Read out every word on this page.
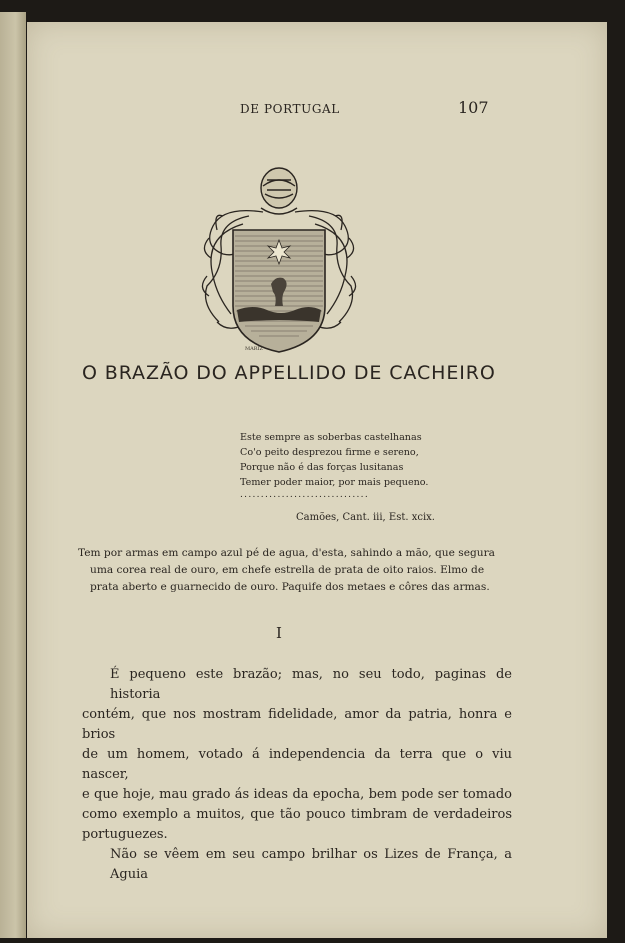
DE PORTUGAL	107
MARIZ
O BRAZÃO DO APPELLIDO DE CACHEIRO
Este sempre as soberbas castelhanas
Co'o peito desprezou firme e sereno,
Porque não é das forças lusitanas
Temer poder maior, por mais pequeno.
...............................
Camões, Cant. iii, Est. xcix.
Tem por armas em campo azul pé de agua, d'esta, sahindo a mão, que segura
uma corea real de ouro, em chefe estrella de prata de oito raios. Elmo de
prata aberto e guarnecido de ouro. Paquife dos metaes e côres das armas.
I
É pequeno este brazão; mas, no seu todo, paginas de historia
contém, que nos mostram fidelidade, amor da patria, honra e brios
de um homem, votado á independencia da terra que o viu nascer,
e que hoje, mau grado ás ideas da epocha, bem pode ser tomado
como exemplo a muitos, que tão pouco timbram de verdadeiros
portuguezes.
Não se vêem em seu campo brilhar os Lizes de França, a Aguia
